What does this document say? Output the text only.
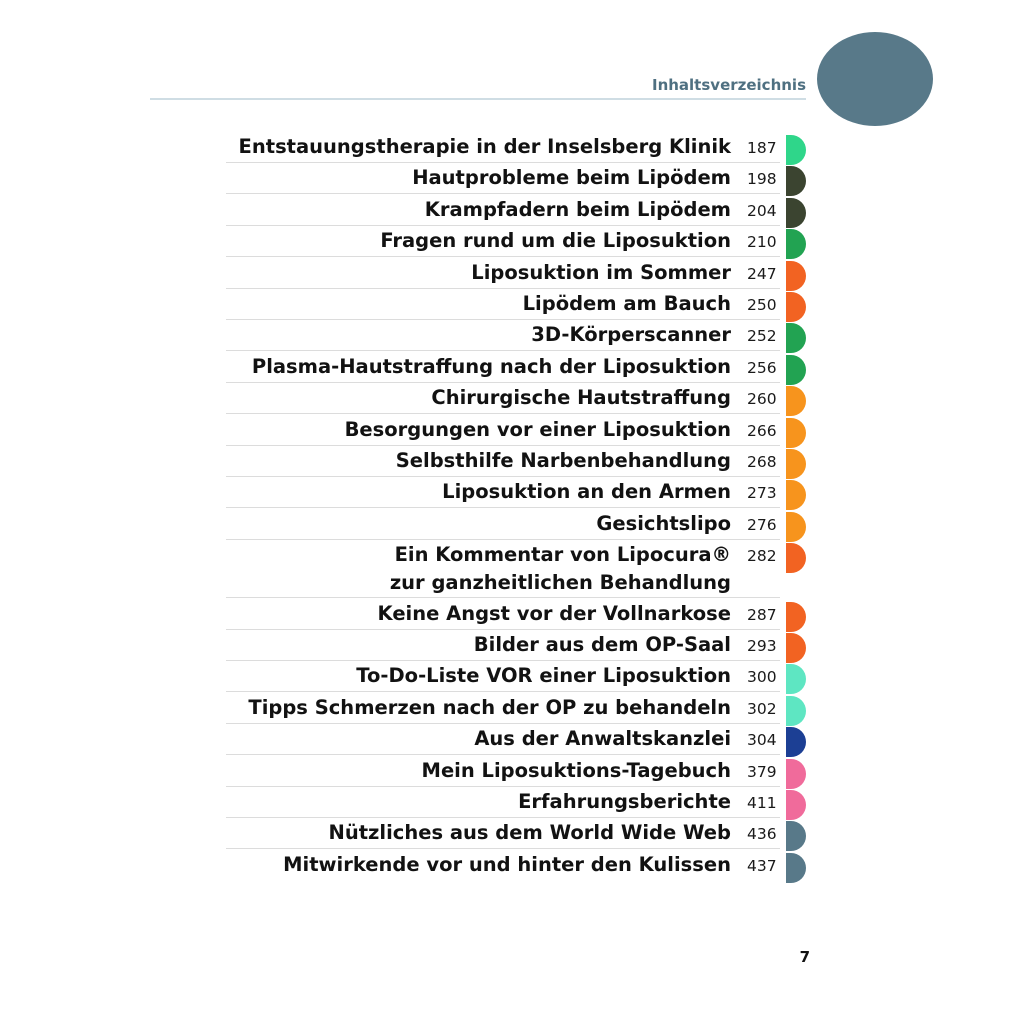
Inhaltsverzeichnis
Entstauungstherapie in der Inselsberg Klinik 187
Hautprobleme beim Lipödem 198
Krampfadern beim Lipödem 204
Fragen rund um die Liposuktion 210
Liposuktion im Sommer 247
Lipödem am Bauch 250
3D-Körperscanner 252
Plasma-Hautstraffung nach der Liposuktion 256
Chirurgische Hautstraffung 260
Besorgungen vor einer Liposuktion 266
Selbsthilfe Narbenbehandlung 268
Liposuktion an den Armen 273
Gesichtslipo 276
Ein Kommentar von Lipocura®
zur ganzheitlichen Behandlung
282
Keine Angst vor der Vollnarkose 287
Bilder aus dem OP-Saal 293
To-Do-Liste VOR einer Liposuktion 300
Tipps Schmerzen nach der OP zu behandeln 302
Aus der Anwaltskanzlei 304
Mein Liposuktions-Tagebuch 379
Erfahrungsberichte 411
Nützliches aus dem World Wide Web 436
Mitwirkende vor und hinter den Kulissen 437
7
